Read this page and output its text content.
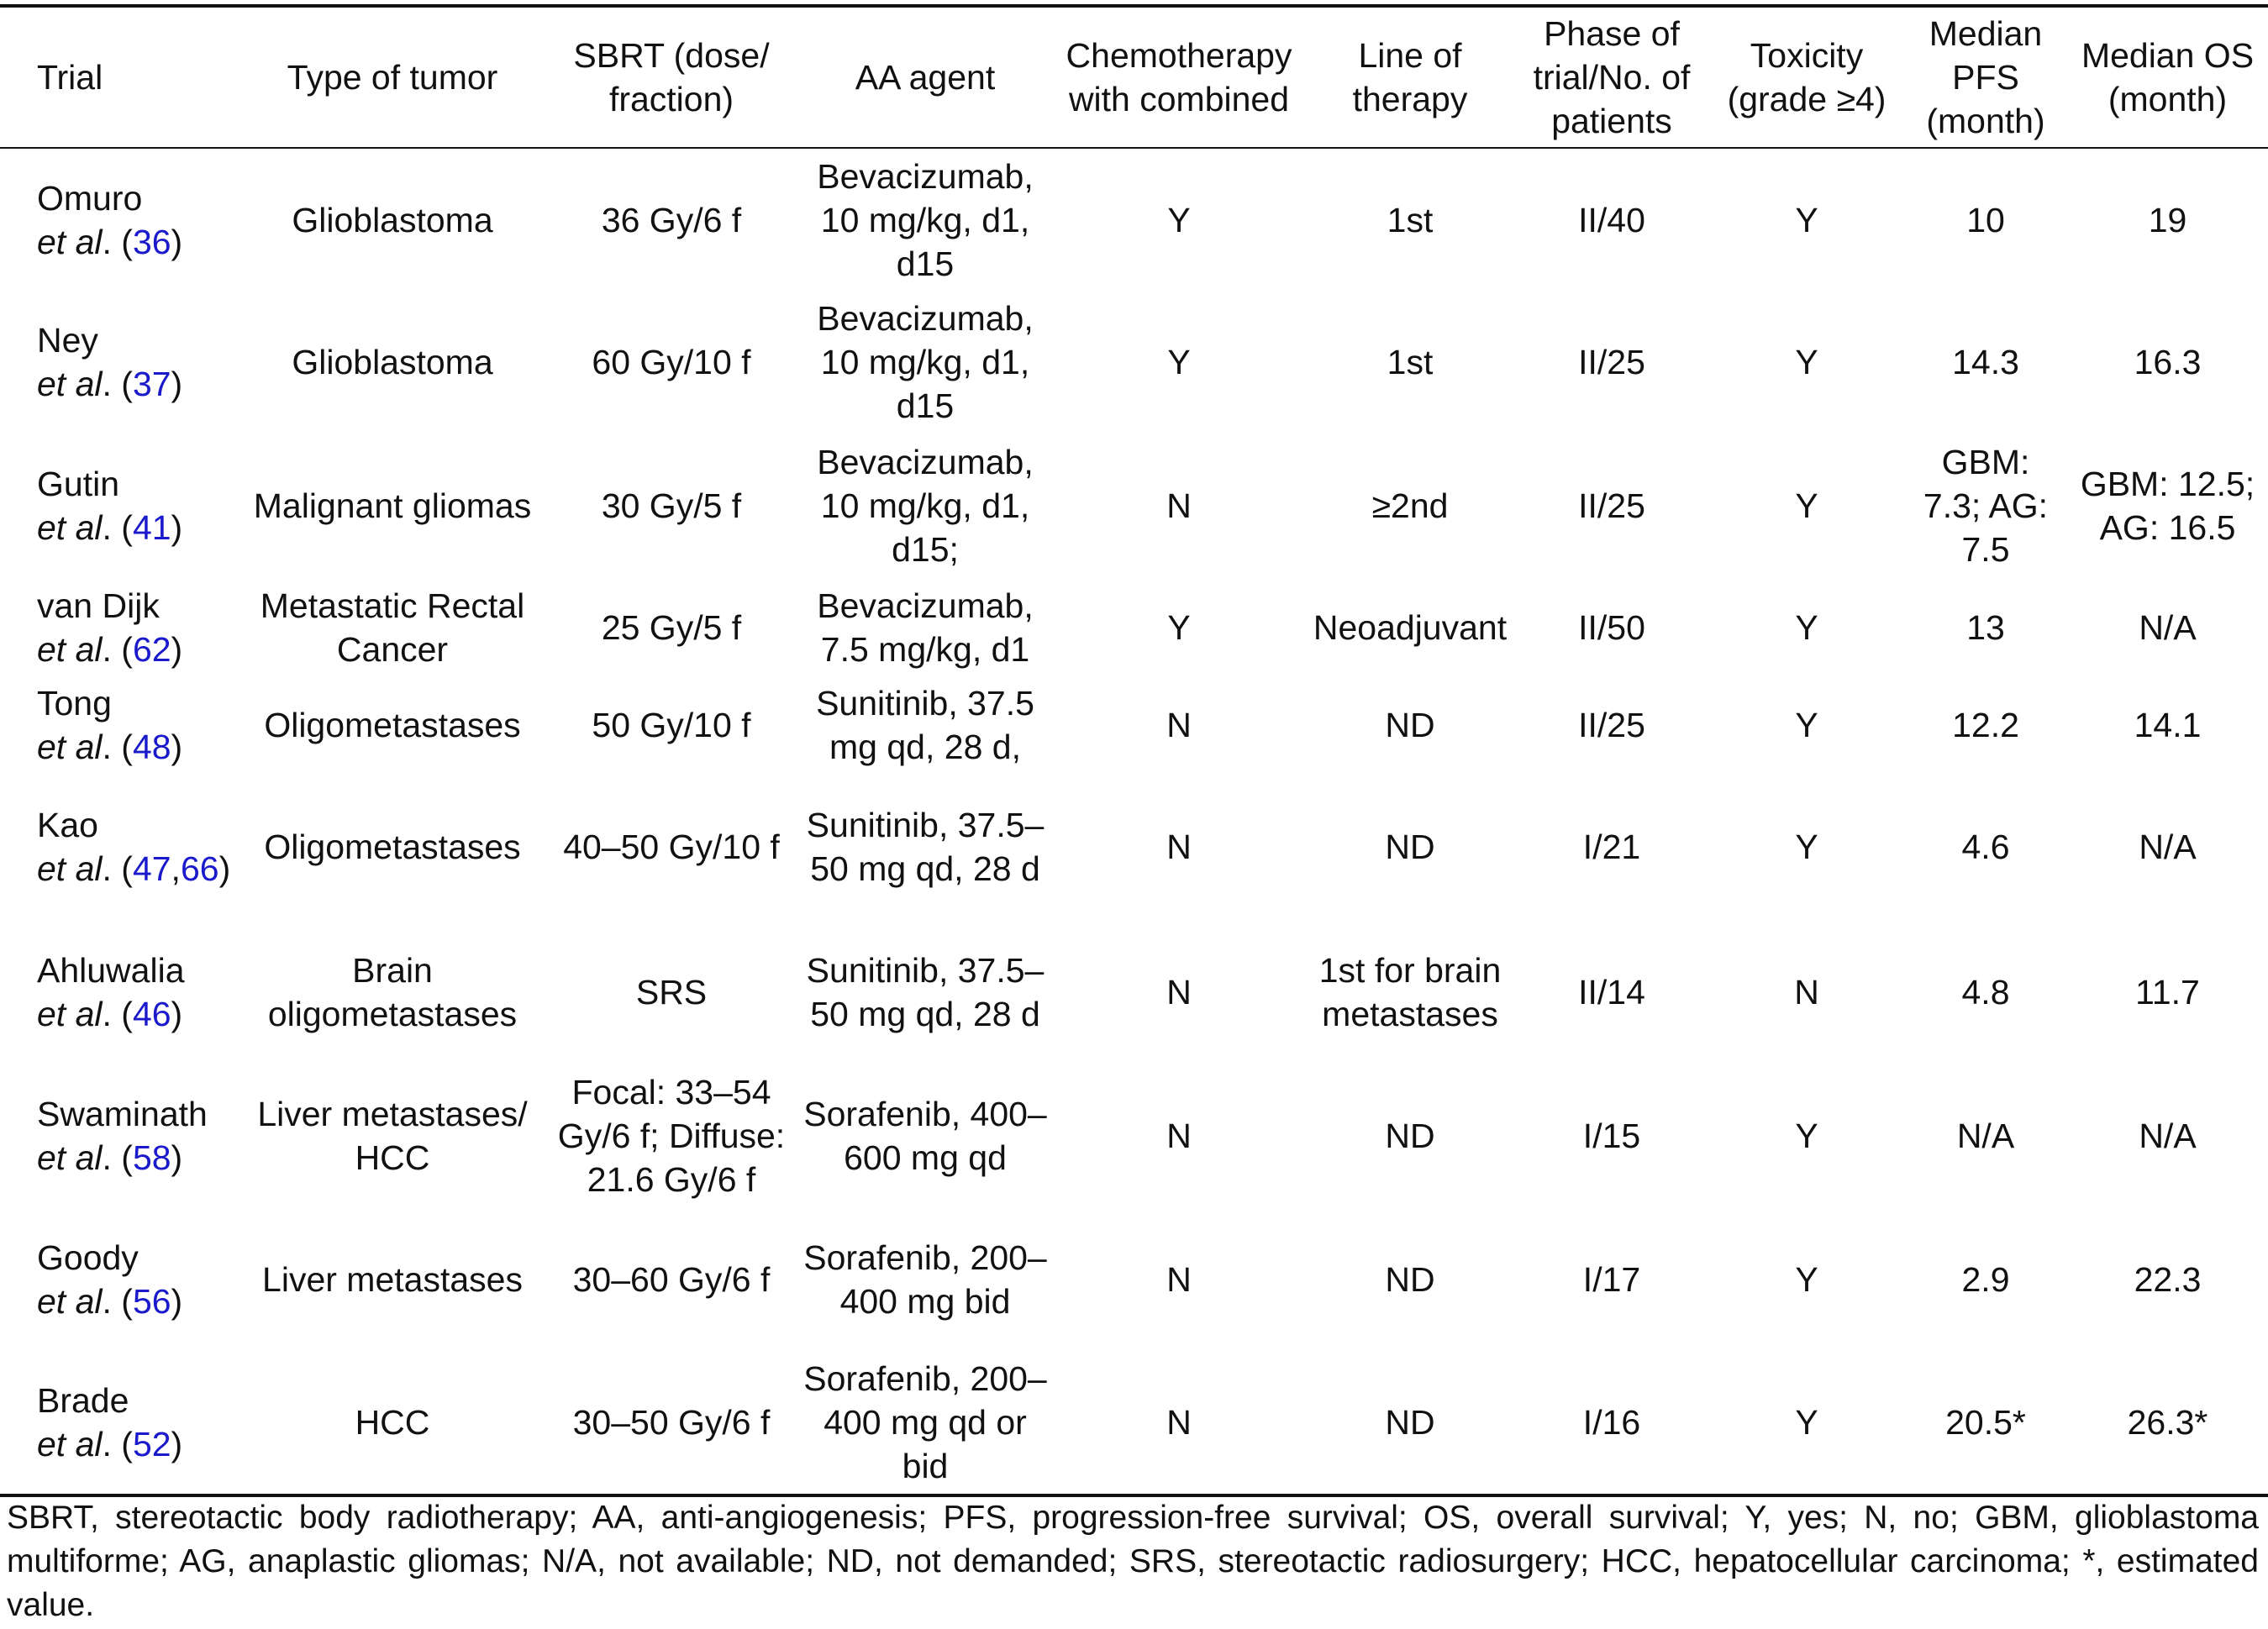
Trial	Type of tumor	SBRT (dose/ fraction)	AA agent	Chemotherapy with combined	Line of therapy	Phase of trial/No. of patients	Toxicity (grade ≥4)	Median PFS (month)	Median OS (month)
Omuro
et al. (36)	Glioblastoma	36 Gy/6 f	Bevacizumab, 10 mg/kg, d1, d15	Y	1st	II/40	Y	10	19
Ney
et al. (37)	Glioblastoma	60 Gy/10 f	Bevacizumab, 10 mg/kg, d1, d15	Y	1st	II/25	Y	14.3	16.3
Gutin
et al. (41)	Malignant gliomas	30 Gy/5 f	Bevacizumab, 10 mg/kg, d1, d15;	N	≥2nd	II/25	Y	GBM: 7.3; AG: 7.5	GBM: 12.5; AG: 16.5
van Dijk
et al. (62)	Metastatic Rectal Cancer	25 Gy/5 f	Bevacizumab, 7.5 mg/kg, d1	Y	Neoadjuvant	II/50	Y	13	N/A
Tong
et al. (48)	Oligometastases	50 Gy/10 f	Sunitinib, 37.5 mg qd, 28 d,	N	ND	II/25	Y	12.2	14.1
Kao
et al. (47,66)	Oligometastases	40–50 Gy/10 f	Sunitinib, 37.5–50 mg qd, 28 d	N	ND	I/21	Y	4.6	N/A
Ahluwalia
et al. (46)	Brain oligometastases	SRS	Sunitinib, 37.5–50 mg qd, 28 d	N	1st for brain metastases	II/14	N	4.8	11.7
Swaminath
et al. (58)	Liver metastases/ HCC	Focal: 33–54 Gy/6 f; Diffuse: 21.6 Gy/6 f	Sorafenib, 400–600 mg qd	N	ND	I/15	Y	N/A	N/A
Goody
et al. (56)	Liver metastases	30–60 Gy/6 f	Sorafenib, 200–400 mg bid	N	ND	I/17	Y	2.9	22.3
Brade
et al. (52)	HCC	30–50 Gy/6 f	Sorafenib, 200–400 mg qd or bid	N	ND	I/16	Y	20.5*	26.3*
SBRT, stereotactic body radiotherapy; AA, anti-angiogenesis; PFS, progression-free survival; OS, overall survival; Y, yes; N, no; GBM, glioblastoma multiforme; AG, anaplastic gliomas; N/A, not available; ND, not demanded; SRS, stereotactic radiosurgery; HCC, hepatocellular carcinoma; *, estimated value.
